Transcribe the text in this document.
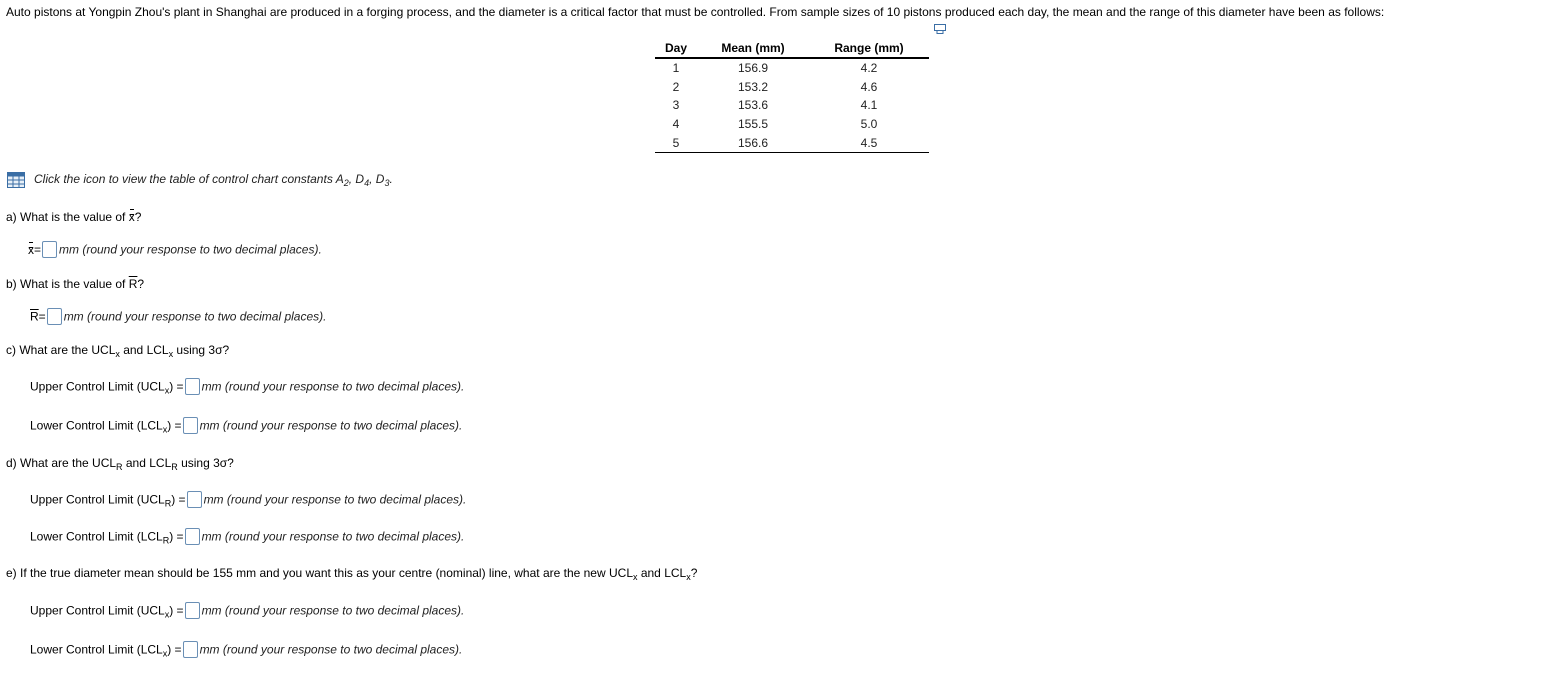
Auto pistons at Yongpin Zhou's plant in Shanghai are produced in a forging process, and the diameter is a critical factor that must be controlled. From sample sizes of 10 pistons produced each day, the mean and the range of this diameter have been as follows:
Day	Mean (mm)	Range (mm)
1	156.9	4.2
2	153.2	4.6
3	153.6	4.1
4	155.5	5.0
5	156.6	4.5
Click the icon to view the table of control chart constants $A_2$, $D_4$, $D_3$.
a) What is the value of x?
x= mm (round your response to two decimal places).
b) What is the value of $\overline{R}$?
$\overline{R}=$ mm (round your response to two decimal places).
c) What are the $UCL_x$ and $LCL_x$ using 3σ?
Upper Control Limit $(UCL_x)$ = mm (round your response to two decimal places).
Lower Control Limit $(LCL_x)$ = mm (round your response to two decimal places).
d) What are the $UCL_R$ and $LCL_R$ using 3σ?
Upper Control Limit $(UCL_R)$ = mm (round your response to two decimal places).
Lower Control Limit $(LCL_R)$ = mm (round your response to two decimal places).
e) If the true diameter mean should be 155 mm and you want this as your centre (nominal) line, what are the new $UCL_x$ and $LCL_x$?
Upper Control Limit $(UCL_x)$ = mm (round your response to two decimal places).
Lower Control Limit $(LCL_x)$ = mm (round your response to two decimal places).
